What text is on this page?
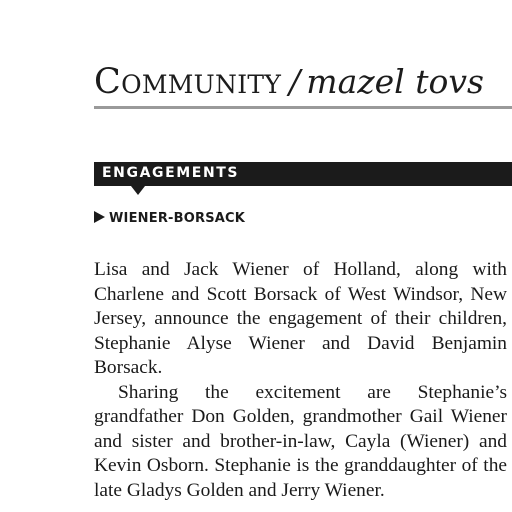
Community / mazel tovs
ENGAGEMENTS
WIENER-BORSACK

Lisa and Jack Wiener of Holland, along with Charlene and Scott Borsack of West Windsor, New Jersey, announce the engagement of their children, Stephanie Alyse Wiener and David Benjamin Borsack.

Sharing the excitement are Stephanie’s grandfather Don Golden, grandmother Gail Wiener and sister and brother-in-law, Cayla (Wiener) and Kevin Osborn. Stephanie is the granddaughter of the late Gladys Golden and Jerry Wiener.
